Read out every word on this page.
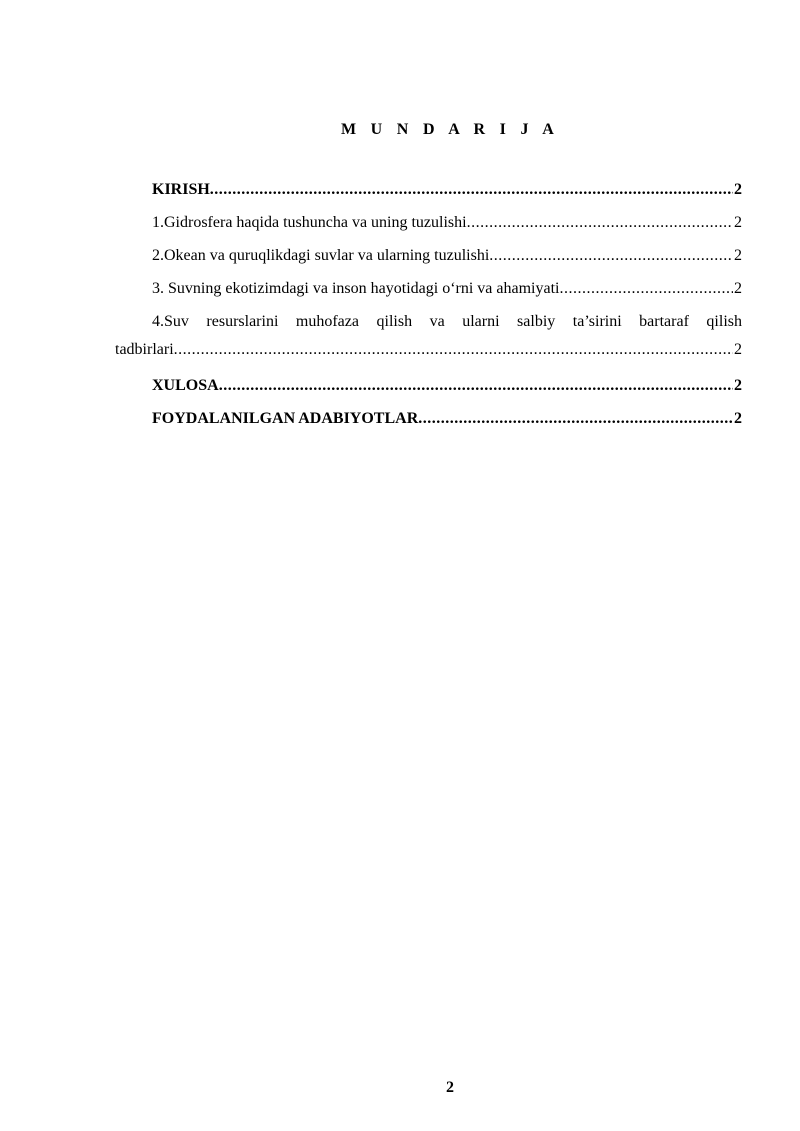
M U N D A R I J A
KIRISH .....	2
1.Gidrosfera haqida tushuncha va uning tuzulishi .....	2
2.Okean va quruqlikdagi suvlar va ularning tuzulishi .....	2
3. Suvning ekotizimdagi va inson hayotidagi o‘rni va ahamiyati .....	2
4.Suv resurslarini muhofaza qilish va ularni salbiy ta’sirini bartaraf qilish
tadbirlari .....	2
XULOSA .....	2
FOYDALANILGAN ADABIYOTLAR .....	2
2
